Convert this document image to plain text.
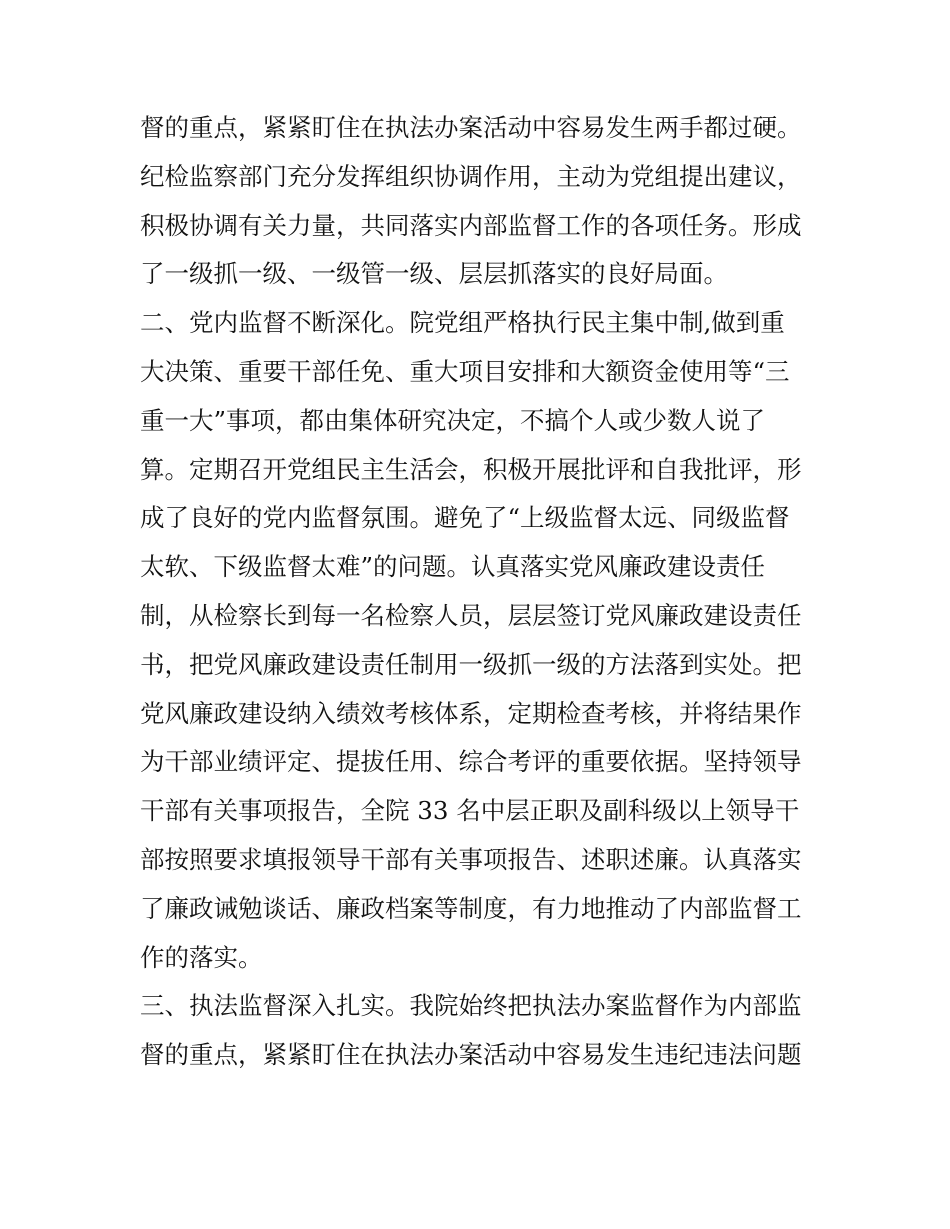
督的重点，紧紧盯住在执法办案活动中容易发生两手都过硬。
纪检监察部门充分发挥组织协调作用，主动为党组提出建议，
积极协调有关力量，共同落实内部监督工作的各项任务。形成
了一级抓一级、一级管一级、层层抓落实的良好局面。
二、党内监督不断深化。院党组严格执行民主集中制,做到重
大决策、重要干部任免、重大项目安排和大额资金使用等“三
重一大”事项，都由集体研究决定，不搞个人或少数人说了
算。定期召开党组民主生活会，积极开展批评和自我批评，形
成了良好的党内监督氛围。避免了“上级监督太远、同级监督
太软、下级监督太难”的问题。认真落实党风廉政建设责任
制，从检察长到每一名检察人员，层层签订党风廉政建设责任
书，把党风廉政建设责任制用一级抓一级的方法落到实处。把
党风廉政建设纳入绩效考核体系，定期检查考核，并将结果作
为干部业绩评定、提拔任用、综合考评的重要依据。坚持领导
干部有关事项报告，全院 33 名中层正职及副科级以上领导干
部按照要求填报领导干部有关事项报告、述职述廉。认真落实
了廉政诫勉谈话、廉政档案等制度，有力地推动了内部监督工
作的落实。
三、执法监督深入扎实。我院始终把执法办案监督作为内部监
督的重点，紧紧盯住在执法办案活动中容易发生违纪违法问题
